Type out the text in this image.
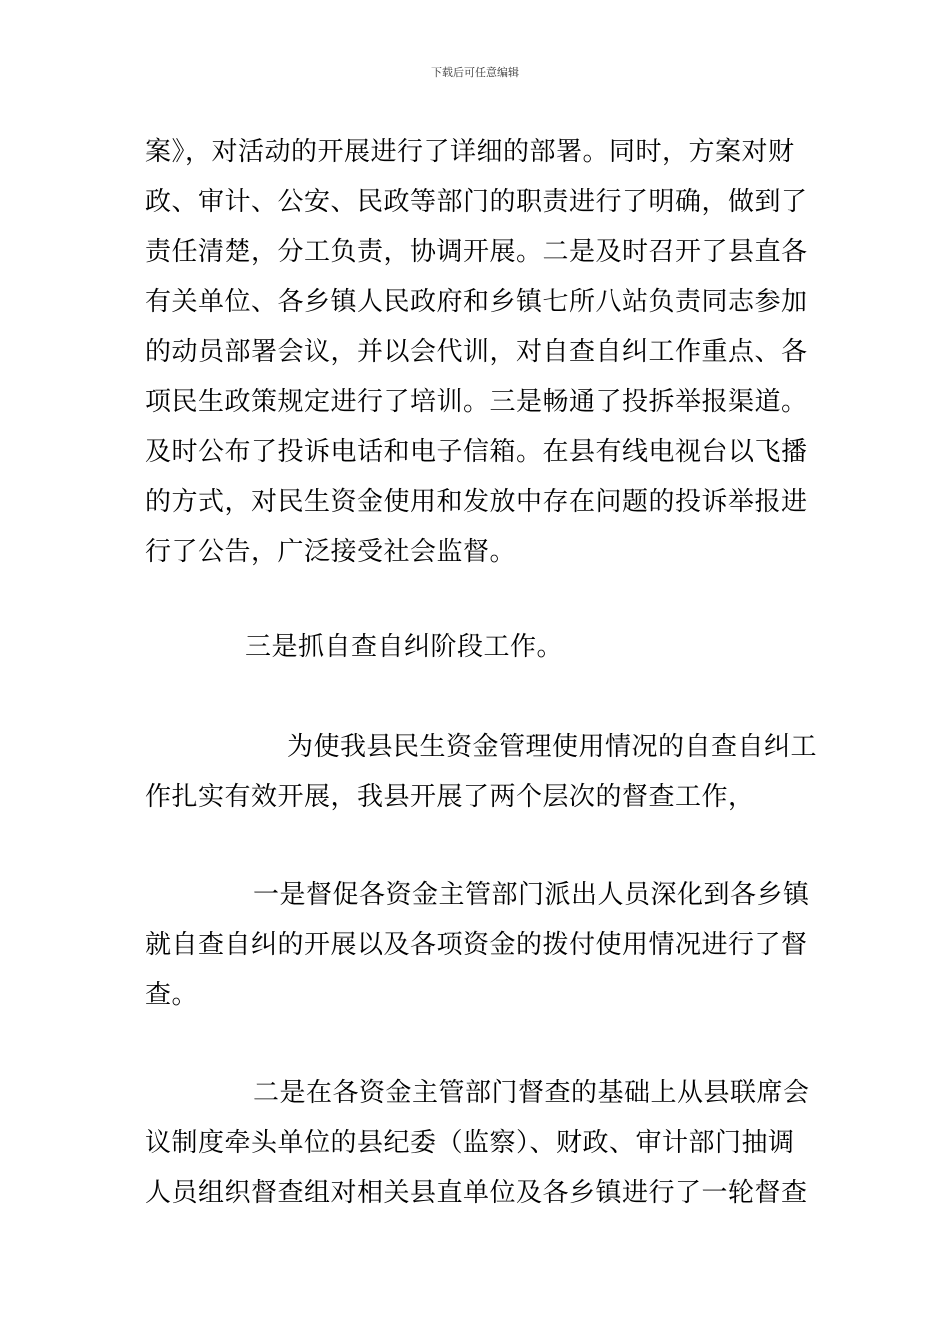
下载后可任意编辑
案》，对活动的开展进行了详细的部署。同时，方案对财
政、审计、公安、民政等部门的职责进行了明确，做到了
责任清楚，分工负责，协调开展。二是及时召开了县直各
有关单位、各乡镇人民政府和乡镇七所八站负责同志参加
的动员部署会议，并以会代训，对自查自纠工作重点、各
项民生政策规定进行了培训。三是畅通了投拆举报渠道。
及时公布了投诉电话和电子信箱。在县有线电视台以飞播
的方式，对民生资金使用和发放中存在问题的投诉举报进
行了公告，广泛接受社会监督。
三是抓自查自纠阶段工作。
为使我县民生资金管理使用情况的自查自纠工
作扎实有效开展，我县开展了两个层次的督查工作，
一是督促各资金主管部门派出人员深化到各乡镇
就自查自纠的开展以及各项资金的拨付使用情况进行了督
查。
二是在各资金主管部门督查的基础上从县联席会
议制度牵头单位的县纪委（监察）、财政、审计部门抽调
人员组织督查组对相关县直单位及各乡镇进行了一轮督查
